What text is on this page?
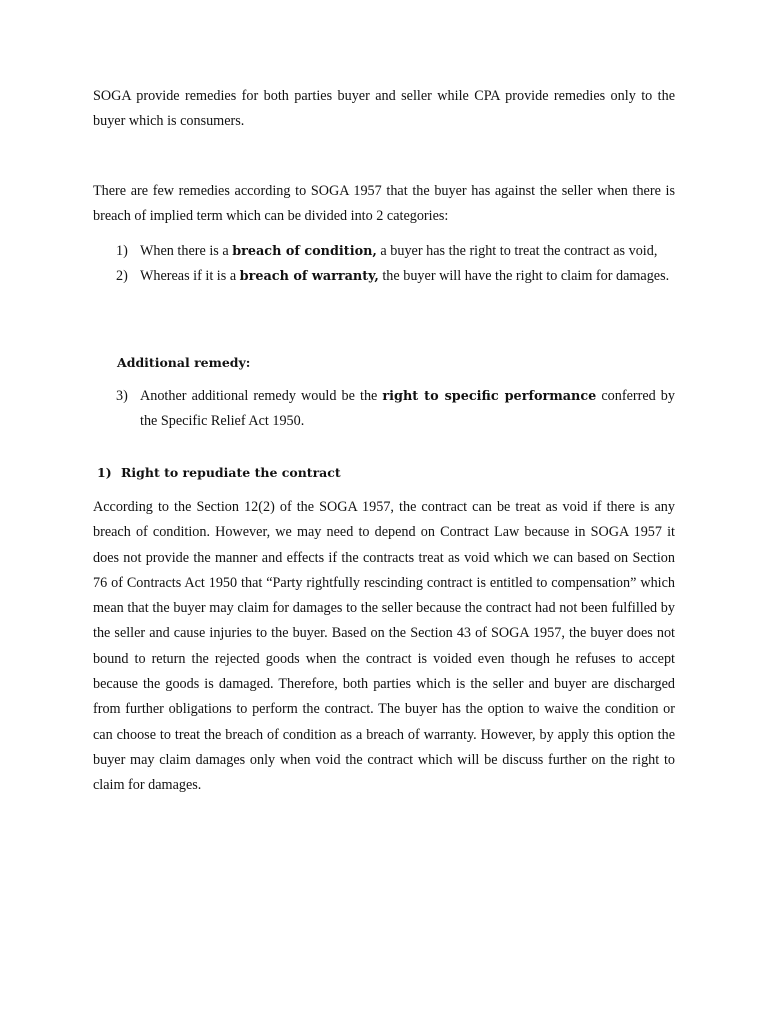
SOGA provide remedies for both parties buyer and seller while CPA provide remedies only to the buyer which is consumers.

There are few remedies according to SOGA 1957 that the buyer has against the seller when there is breach of implied term which can be divided into 2 categories:

1) When there is a breach of condition, a buyer has the right to treat the contract as void,

2) Whereas if it is a breach of warranty, the buyer will have the right to claim for damages.

Additional remedy:

3) Another additional remedy would be the right to specific performance conferred by the Specific Relief Act 1950.

1) Right to repudiate the contract

According to the Section 12(2) of the SOGA 1957, the contract can be treat as void if there is any breach of condition. However, we may need to depend on Contract Law because in SOGA 1957 it does not provide the manner and effects if the contracts treat as void which we can based on Section 76 of Contracts Act 1950 that “Party rightfully rescinding contract is entitled to compensation” which mean that the buyer may claim for damages to the seller because the contract had not been fulfilled by the seller and cause injuries to the buyer. Based on the Section 43 of SOGA 1957, the buyer does not bound to return the rejected goods when the contract is voided even though he refuses to accept because the goods is damaged. Therefore, both parties which is the seller and buyer are discharged from further obligations to perform the contract. The buyer has the option to waive the condition or can choose to treat the breach of condition as a breach of warranty. However, by apply this option the buyer may claim damages only when void the contract which will be discuss further on the right to claim for damages.
